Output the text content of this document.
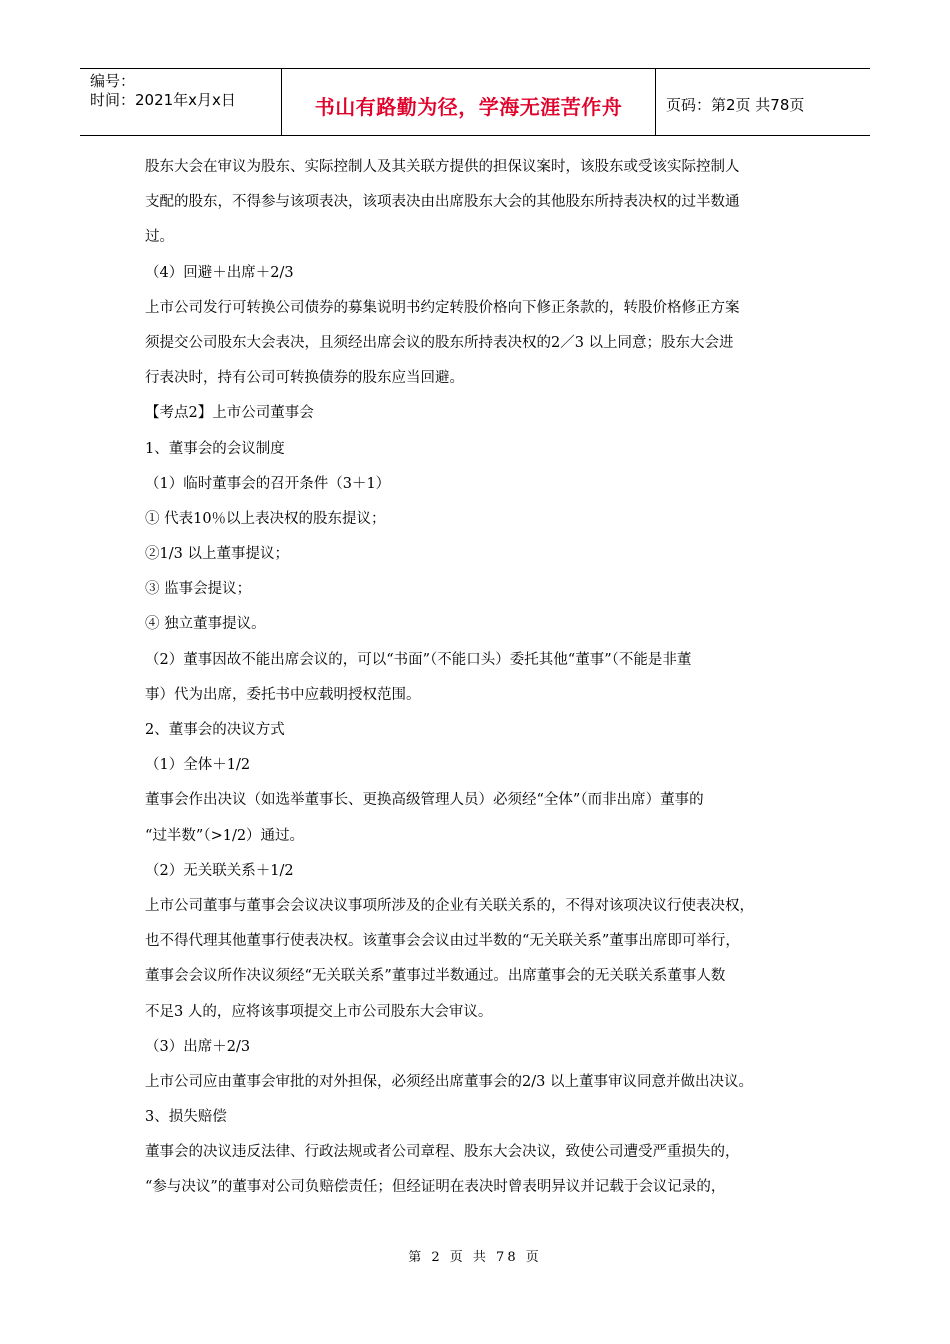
编号：
时间：2021年x月x日	书山有路勤为径，学海无涯苦作舟	页码：第2页 共78页
股东大会在审议为股东、实际控制人及其关联方提供的担保议案时，该股东或受该实际控制人
支配的股东，不得参与该项表决，该项表决由出席股东大会的其他股东所持表决权的过半数通
过。
（4）回避＋出席＋2/3
上市公司发行可转换公司债券的募集说明书约定转股价格向下修正条款的，转股价格修正方案
须提交公司股东大会表决，且须经出席会议的股东所持表决权的2／3 以上同意；股东大会进
行表决时，持有公司可转换债券的股东应当回避。
【考点2】上市公司董事会
1、董事会的会议制度
（1）临时董事会的召开条件（3＋1）
① 代表10％以上表决权的股东提议；
②1/3 以上董事提议；
③ 监事会提议；
④ 独立董事提议。
（2）董事因故不能出席会议的，可以“书面”（不能口头）委托其他“董事”（不能是非董
事）代为出席，委托书中应载明授权范围。
2、董事会的决议方式
（1）全体＋1/2
董事会作出决议（如选举董事长、更换高级管理人员）必须经“全体”（而非出席）董事的
“过半数”（>1/2）通过。
（2）无关联关系＋1/2
上市公司董事与董事会会议决议事项所涉及的企业有关联关系的，不得对该项决议行使表决权，
也不得代理其他董事行使表决权。该董事会会议由过半数的“无关联关系”董事出席即可举行，
董事会会议所作决议须经“无关联关系”董事过半数通过。出席董事会的无关联关系董事人数
不足3 人的，应将该事项提交上市公司股东大会审议。
（3）出席＋2/3
上市公司应由董事会审批的对外担保，必须经出席董事会的2/3 以上董事审议同意并做出决议。
3、损失赔偿
董事会的决议违反法律、行政法规或者公司章程、股东大会决议，致使公司遭受严重损失的，
“参与决议”的董事对公司负赔偿责任；但经证明在表决时曾表明异议并记载于会议记录的，
第 2 页 共 78 页
